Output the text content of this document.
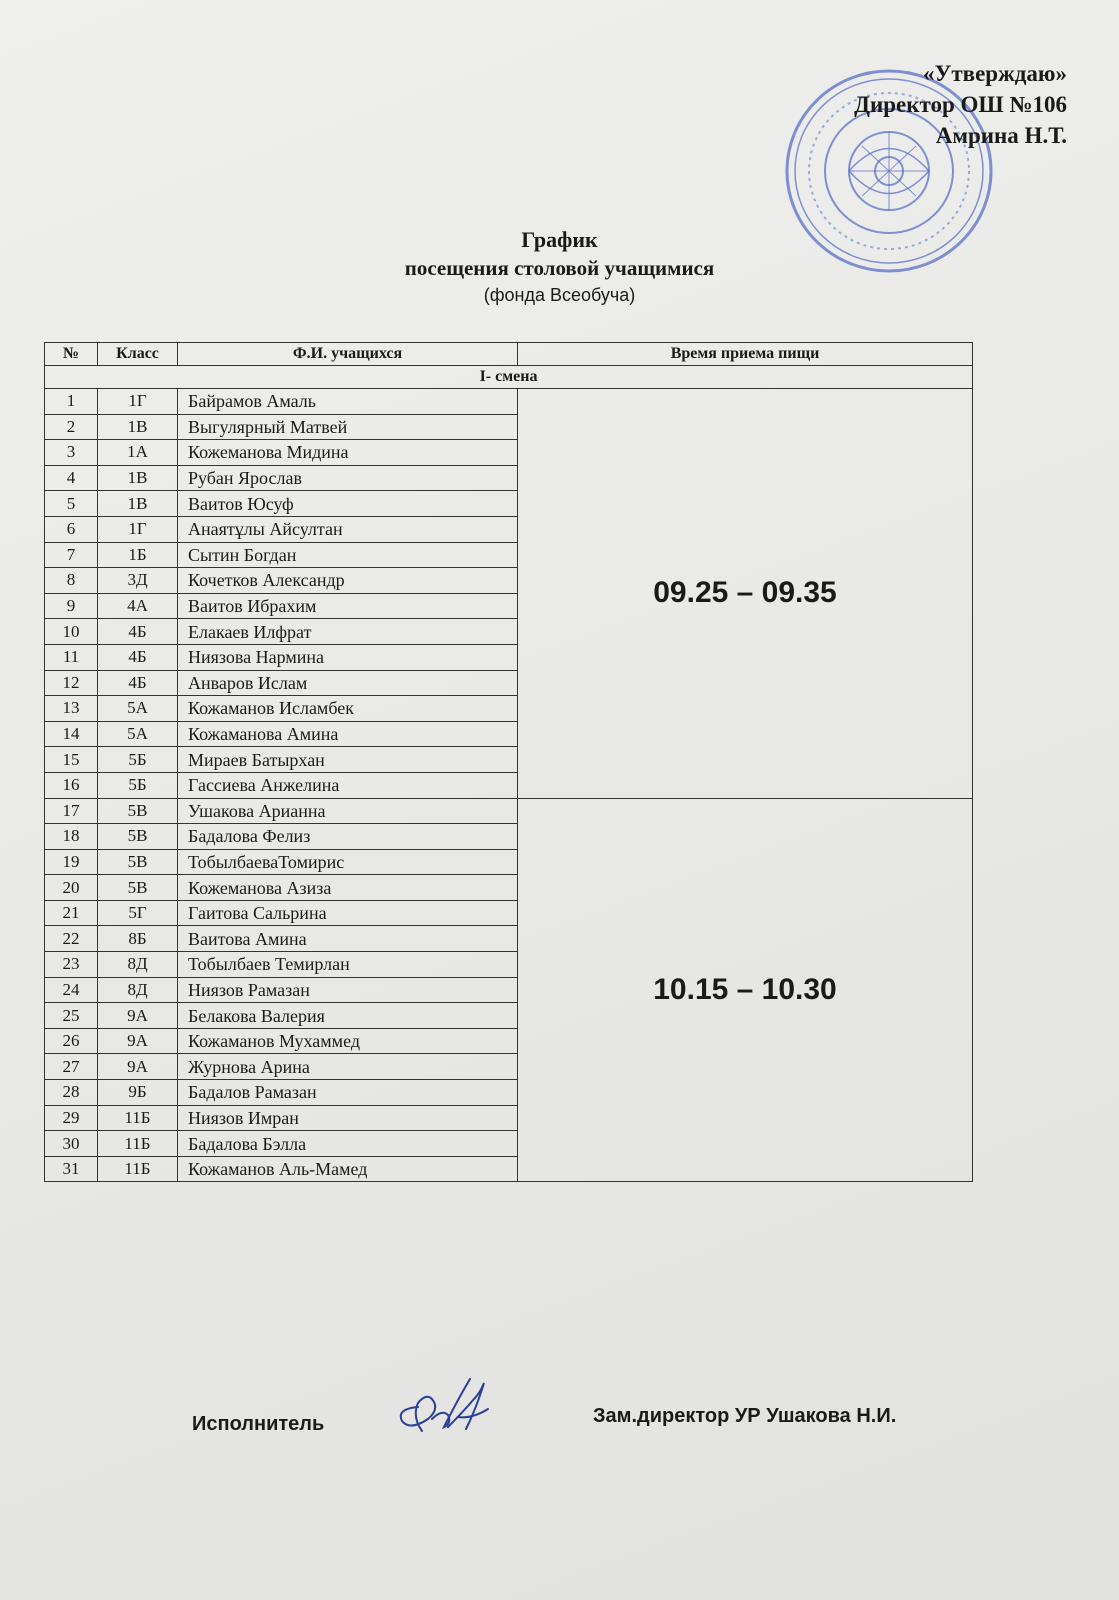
«Утверждаю»
Директор ОШ №106
Амрина Н.Т.
График
посещения столовой учащимися
(фонда Всеобуча)
№	Класс	Ф.И. учащихся	Время приема пищи
I- смена			
1	1Г	Байрамов Амаль	09.25 – 09.35
2	1В	Выгулярный Матвей	
3	1А	Кожеманова Мидина	
4	1В	Рубан Ярослав	
5	1В	Ваитов Юсуф	
6	1Г	Анаятұлы Айсултан	
7	1Б	Сытин Богдан	
8	3Д	Кочетков Александр	
9	4А	Ваитов Ибрахим	
10	4Б	Елакаев Илфрат	
11	4Б	Ниязова Нармина	
12	4Б	Анваров Ислам	
13	5А	Кожаманов Исламбек	
14	5А	Кожаманова Амина	
15	5Б	Мираев Батырхан	
16	5Б	Гассиева Анжелина	
17	5В	Ушакова Арианна	10.15 – 10.30
18	5В	Бадалова Фелиз	
19	5В	ТобылбаеваТомирис	
20	5В	Кожеманова Азиза	
21	5Г	Гаитова Сальрина	
22	8Б	Ваитова Амина	
23	8Д	Тобылбаев Темирлан	
24	8Д	Ниязов Рамазан	
25	9А	Белакова Валерия	
26	9А	Кожаманов Мухаммед	
27	9А	Журнова Арина	
28	9Б	Бадалов Рамазан	
29	11Б	Ниязов Имран	
30	11Б	Бадалова Бэлла	
31	11Б	Кожаманов Аль-Мамед	
Исполнитель	Зам.директор УР Ушакова Н.И.
